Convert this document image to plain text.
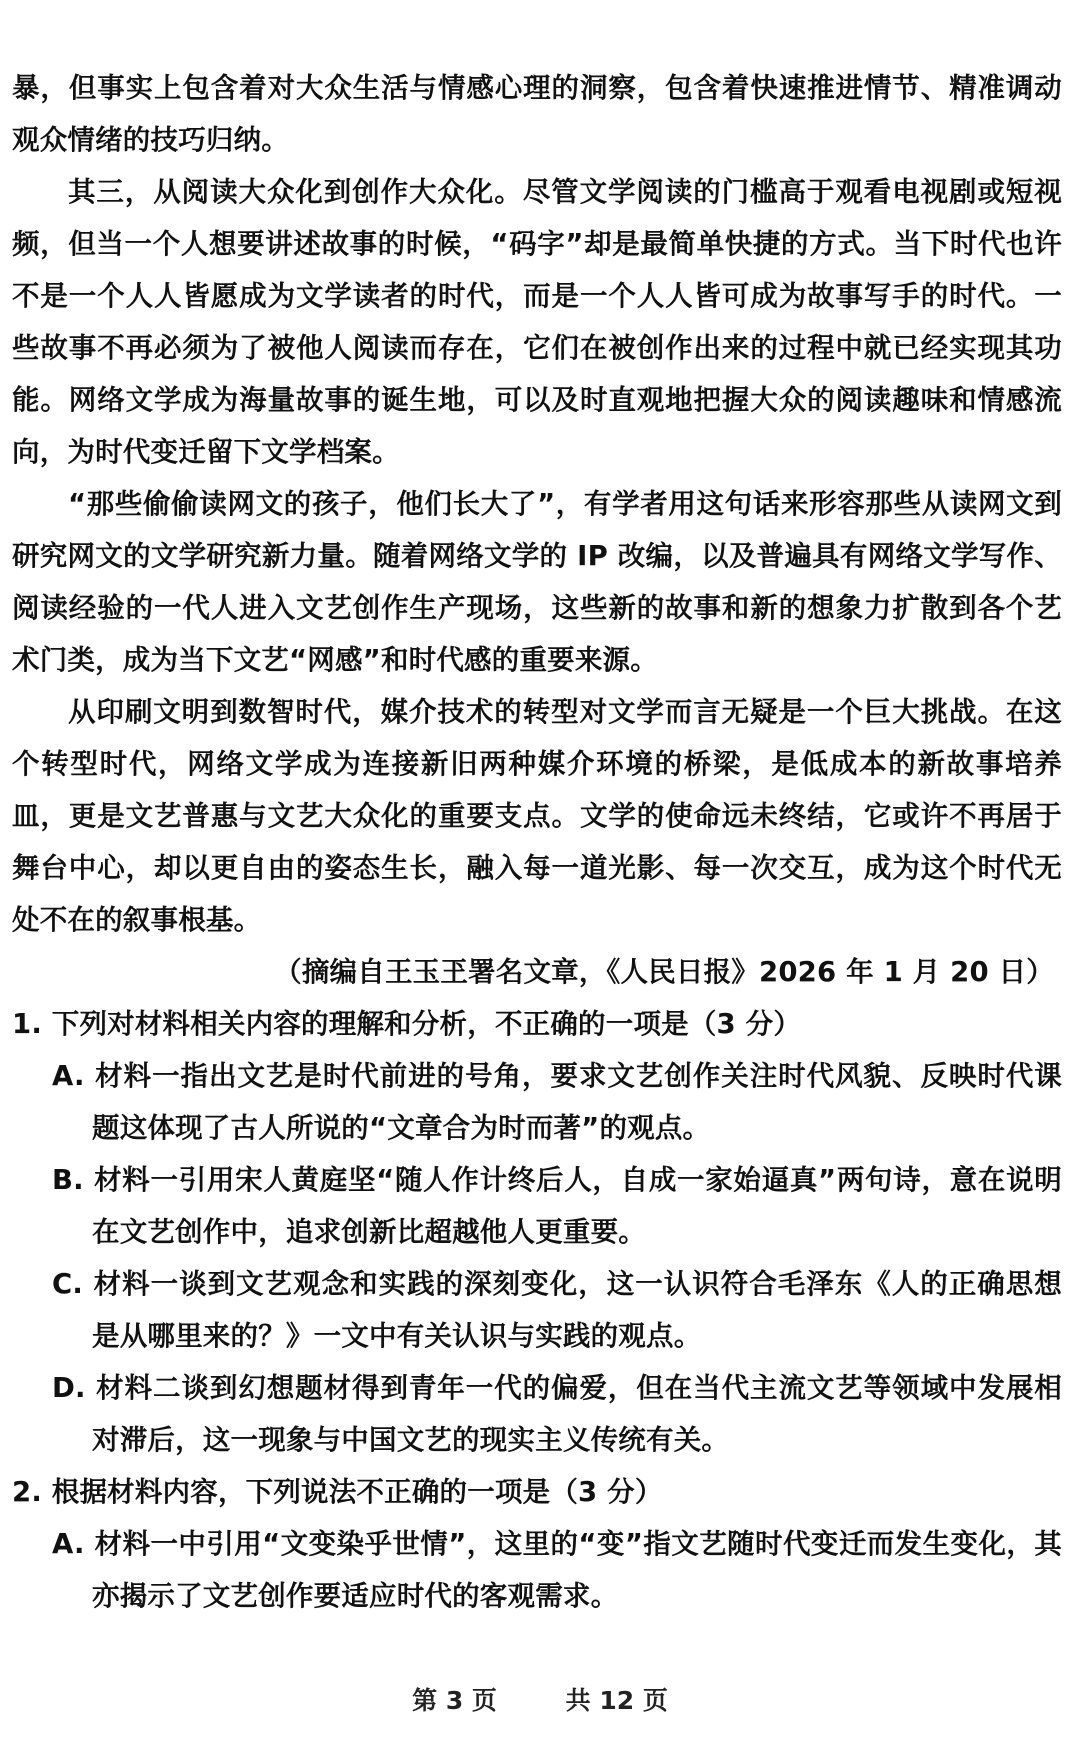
暴，但事实上包含着对大众生活与情感心理的洞察，包含着快速推进情节、精准调动观众情绪的技巧归纳。

其三，从阅读大众化到创作大众化。尽管文学阅读的门槛高于观看电视剧或短视频，但当一个人想要讲述故事的时候，“码字”却是最简单快捷的方式。当下时代也许不是一个人人皆愿成为文学读者的时代，而是一个人人皆可成为故事写手的时代。一些故事不再必须为了被他人阅读而存在，它们在被创作出来的过程中就已经实现其功能。网络文学成为海量故事的诞生地，可以及时直观地把握大众的阅读趣味和情感流向，为时代变迁留下文学档案。

“那些偷偷读网文的孩子，他们长大了”，有学者用这句话来形容那些从读网文到研究网文的文学研究新力量。随着网络文学的 IP 改编，以及普遍具有网络文学写作、阅读经验的一代人进入文艺创作生产现场，这些新的故事和新的想象力扩散到各个艺术门类，成为当下文艺“网感”和时代感的重要来源。

从印刷文明到数智时代，媒介技术的转型对文学而言无疑是一个巨大挑战。在这个转型时代，网络文学成为连接新旧两种媒介环境的桥梁，是低成本的新故事培养皿，更是文艺普惠与文艺大众化的重要支点。文学的使命远未终结，它或许不再居于舞台中心，却以更自由的姿态生长，融入每一道光影、每一次交互，成为这个时代无处不在的叙事根基。

（摘编自王玉玊署名文章，《人民日报》2026 年 1 月 20 日）

1. 下列对材料相关内容的理解和分析，不正确的一项是（3 分）

A. 材料一指出文艺是时代前进的号角，要求文艺创作关注时代风貌、反映时代课题这体现了古人所说的“文章合为时而著”的观点。

B. 材料一引用宋人黄庭坚“随人作计终后人，自成一家始逼真”两句诗，意在说明在文艺创作中，追求创新比超越他人更重要。

C. 材料一谈到文艺观念和实践的深刻变化，这一认识符合毛泽东《人的正确思想是从哪里来的？》一文中有关认识与实践的观点。

D. 材料二谈到幻想题材得到青年一代的偏爱，但在当代主流文艺等领域中发展相对滞后，这一现象与中国文艺的现实主义传统有关。

2. 根据材料内容，下列说法不正确的一项是（3 分）

A. 材料一中引用“文变染乎世情”，这里的“变”指文艺随时代变迁而发生变化，其亦揭示了文艺创作要适应时代的客观需求。

第 3 页	共 12 页
